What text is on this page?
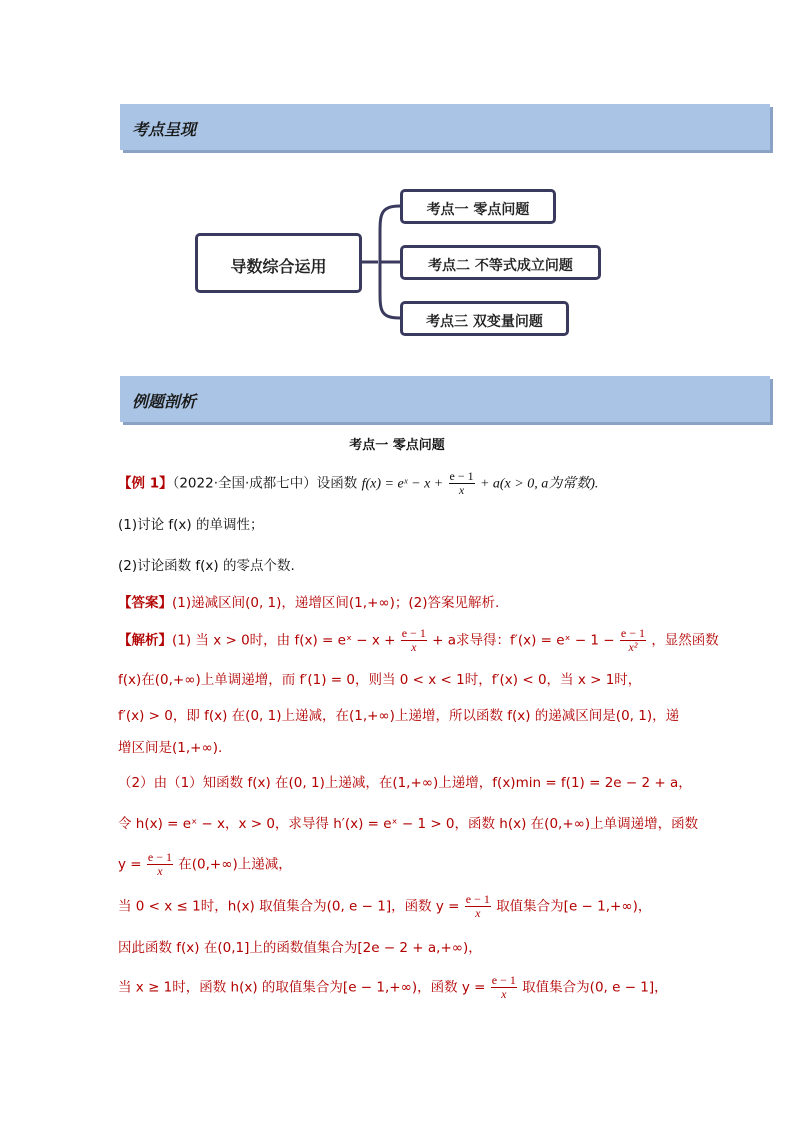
考点呈现
导数综合运用
考点一 零点问题
考点二 不等式成立问题
考点三 双变量问题
例题剖析
考点一 零点问题
【例 1】（2022·全国·成都七中）设函数 f(x) = eˣ − $x + \frac{e - 1}{x} + a(x > 0$, a为常数).
(1)讨论 f(x) 的单调性；
(2)讨论函数 f(x) 的零点个数.
【答案】(1)递减区间(0, 1)，递增区间(1,+∞)；(2)答案见解析.
【解析】(1) 当 x > 0时，由 f(x) = eˣ − $x + \frac{e - 1}{x} + a$求导得：f′(x) = eˣ − $1 - \frac{e - 1}{\text{x²}}$ ，显然函数
f(x)在(0,+∞)上单调递增，而 f′(1) = 0，则当 0 < x < 1时，f′(x) < 0，当 x > 1时，
f′(x) > 0，即 f(x) 在(0, 1)上递减，在(1,+∞)上递增，所以函数 f(x) 的递减区间是(0, 1)，递
增区间是(1,+∞).
（2）由（1）知函数 f(x) 在(0, 1)上递减，在(1,+∞)上递增，f(x)min = f(1) = 2e − 2 + a，
令 h(x) = eˣ − x，x > 0，求导得 h′(x) = eˣ − 1 > 0，函数 h(x) 在(0,+∞)上单调递增，函数
$y = \frac{e - 1}{x}$ 在(0,+∞)上递减，
当 0 < x ≤ 1时，h(x) 取值集合为(0, e − 1]，函数 $y = \frac{e - 1}{x}$ 取值集合为[e − 1,+∞)，
因此函数 f(x) 在(0,1]上的函数值集合为[2e − 2 + a,+∞)，
当 x ≥ 1时，函数 h(x) 的取值集合为[e − 1,+∞)，函数 $y = \frac{e - 1}{x}$ 取值集合为(0, e − 1]，
